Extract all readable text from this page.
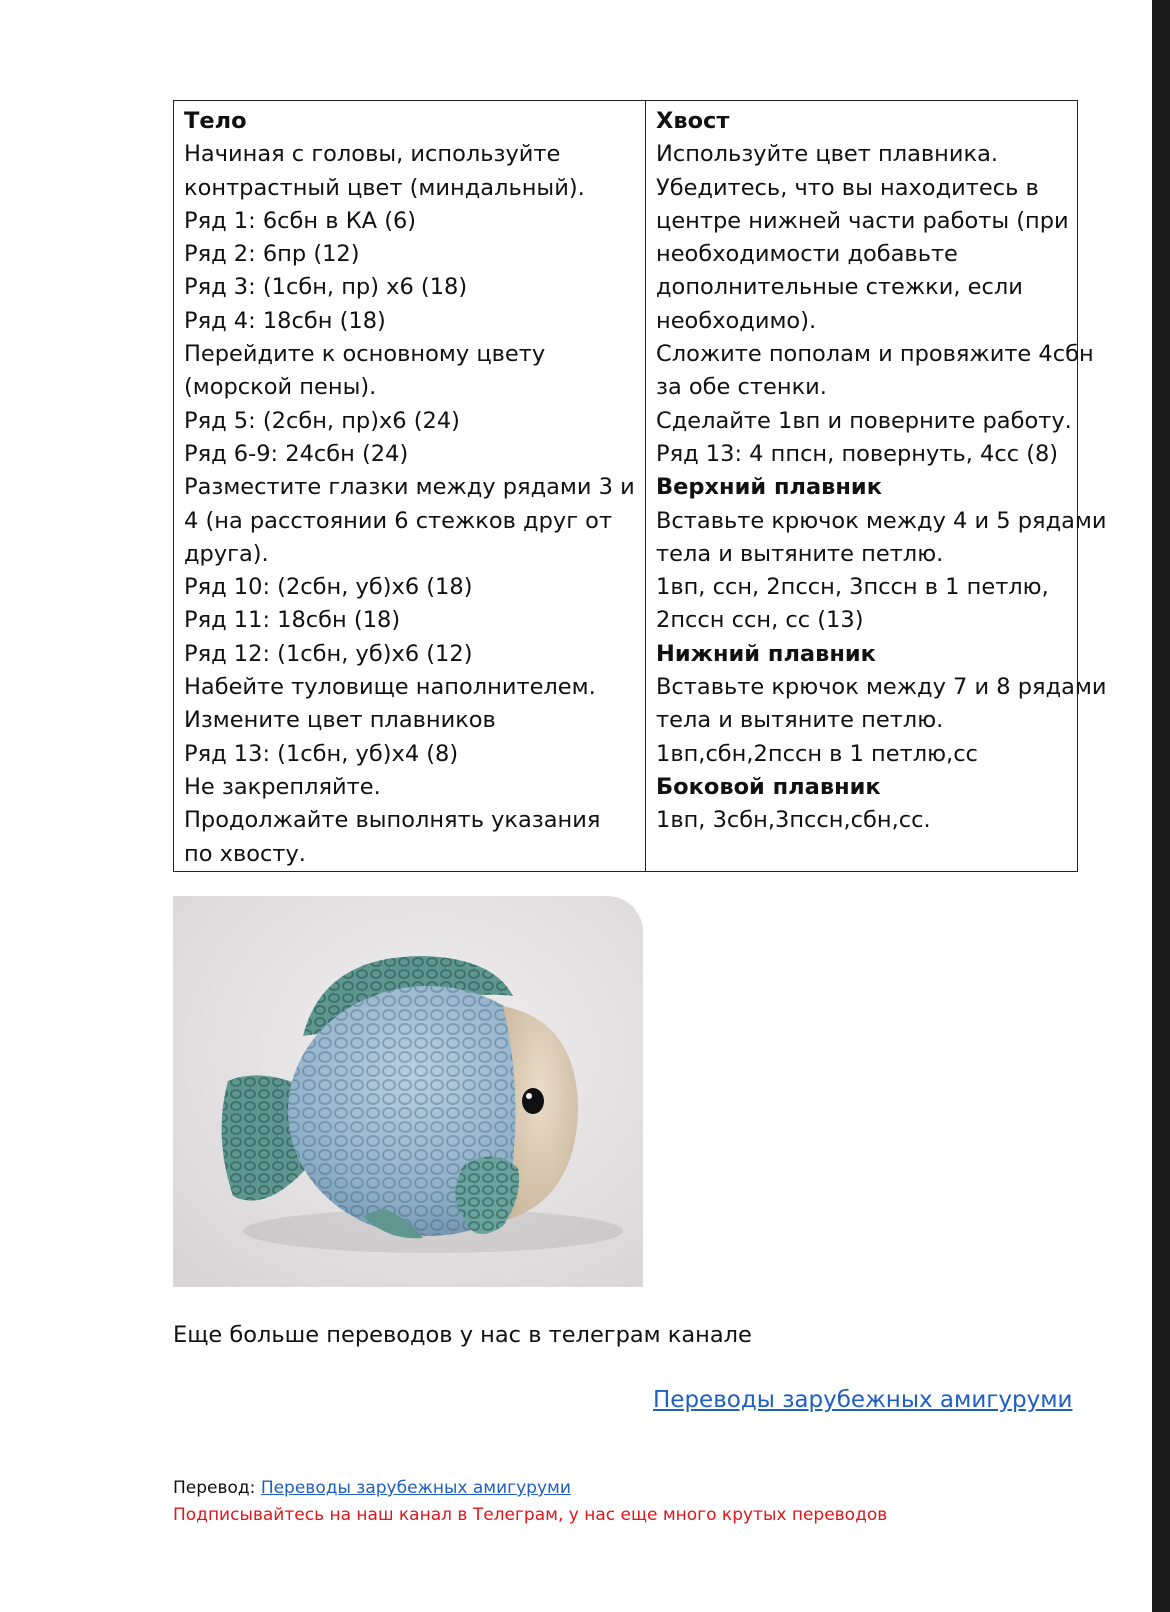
Тело
Начиная с головы, используйте
контрастный цвет (миндальный).
Ряд 1: 6сбн в КА (6)
Ряд 2: 6пр (12)
Ряд 3: (1сбн, пр) х6 (18)
Ряд 4: 18сбн (18)
Перейдите к основному цвету
(морской пены).
Ряд 5: (2сбн, пр)х6 (24)
Ряд 6-9: 24сбн (24)
Разместите глазки между рядами 3 и
4 (на расстоянии 6 стежков друг от
друга).
Ряд 10: (2сбн, уб)х6 (18)
Ряд 11: 18сбн (18)
Ряд 12: (1сбн, уб)х6 (12)
Набейте туловище наполнителем.
Измените цвет плавников
Ряд 13: (1сбн, уб)х4 (8)
Не закрепляйте.
Продолжайте выполнять указания
по хвосту.

Хвост
Используйте цвет плавника.
Убедитесь, что вы находитесь в
центре нижней части работы (при
необходимости добавьте
дополнительные стежки, если
необходимо).
Сложите пополам и провяжите 4сбн
за обе стенки.
Сделайте 1вп и поверните работу.
Ряд 13: 4 ппсн, повернуть, 4сс (8)
Верхний плавник
Вставьте крючок между 4 и 5 рядами
тела и вытяните петлю.
1вп, ссн, 2пссн, 3пссн в 1 петлю,
2пссн ссн, сс (13)
Нижний плавник
Вставьте крючок между 7 и 8 рядами
тела и вытяните петлю.
1вп,сбн,2пссн в 1 петлю,сс
Боковой плавник
1вп, 3сбн,3пссн,сбн,сс.
Еще больше переводов у нас в телеграм канале
Переводы зарубежных амигуруми
Перевод: Переводы зарубежных амигуруми
Подписывайтесь на наш канал в Телеграм, у нас еще много крутых переводов
